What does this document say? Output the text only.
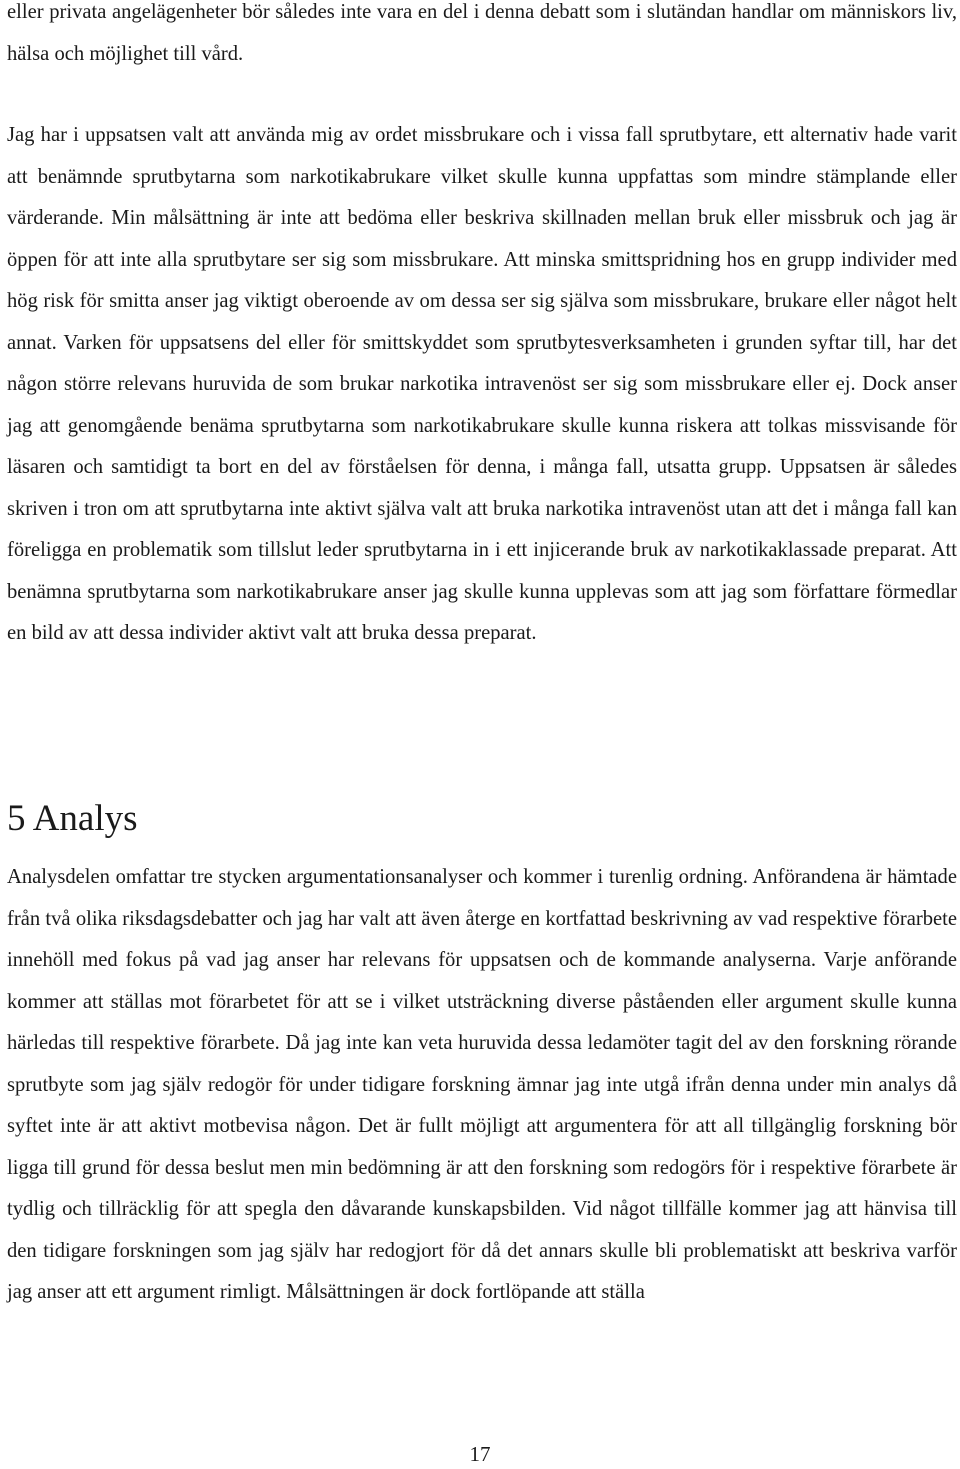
eller privata angelägenheter bör således inte vara en del i denna debatt som i slutändan handlar om människors liv, hälsa och möjlighet till vård.

Jag har i uppsatsen valt att använda mig av ordet missbrukare och i vissa fall sprutbytare, ett alternativ hade varit att benämnde sprutbytarna som narkotikabrukare vilket skulle kunna uppfattas som mindre stämplande eller värderande. Min målsättning är inte att bedöma eller beskriva skillnaden mellan bruk eller missbruk och jag är öppen för att inte alla sprutbytare ser sig som missbrukare. Att minska smittspridning hos en grupp individer med hög risk för smitta anser jag viktigt oberoende av om dessa ser sig själva som missbrukare, brukare eller något helt annat. Varken för uppsatsens del eller för smittskyddet som sprutbytesverksamheten i grunden syftar till, har det någon större relevans huruvida de som brukar narkotika intravenöst ser sig som missbrukare eller ej. Dock anser jag att genomgående benäma sprutbytarna som narkotikabrukare skulle kunna riskera att tolkas missvisande för läsaren och samtidigt ta bort en del av förståelsen för denna, i många fall, utsatta grupp. Uppsatsen är således skriven i tron om att sprutbytarna inte aktivt själva valt att bruka narkotika intravenöst utan att det i många fall kan föreligga en problematik som tillslut leder sprutbytarna in i ett injicerande bruk av narkotikaklassade preparat. Att benämna sprutbytarna som narkotikabrukare anser jag skulle kunna upplevas som att jag som författare förmedlar en bild av att dessa individer aktivt valt att bruka dessa preparat.

5 Analys

Analysdelen omfattar tre stycken argumentationsanalyser och kommer i turenlig ordning. Anförandena är hämtade från två olika riksdagsdebatter och jag har valt att även återge en kortfattad beskrivning av vad respektive förarbete innehöll med fokus på vad jag anser har relevans för uppsatsen och de kommande analyserna. Varje anförande kommer att ställas mot förarbetet för att se i vilket utsträckning diverse påståenden eller argument skulle kunna härledas till respektive förarbete. Då jag inte kan veta huruvida dessa ledamöter tagit del av den forskning rörande sprutbyte som jag själv redogör för under tidigare forskning ämnar jag inte utgå ifrån denna under min analys då syftet inte är att aktivt motbevisa någon. Det är fullt möjligt att argumentera för att all tillgänglig forskning bör ligga till grund för dessa beslut men min bedömning är att den forskning som redogörs för i respektive förarbete är tydlig och tillräcklig för att spegla den dåvarande kunskapsbilden. Vid något tillfälle kommer jag att hänvisa till den tidigare forskningen som jag själv har redogjort för då det annars skulle bli problematiskt att beskriva varför jag anser att ett argument rimligt. Målsättningen är dock fortlöpande att ställa

17
